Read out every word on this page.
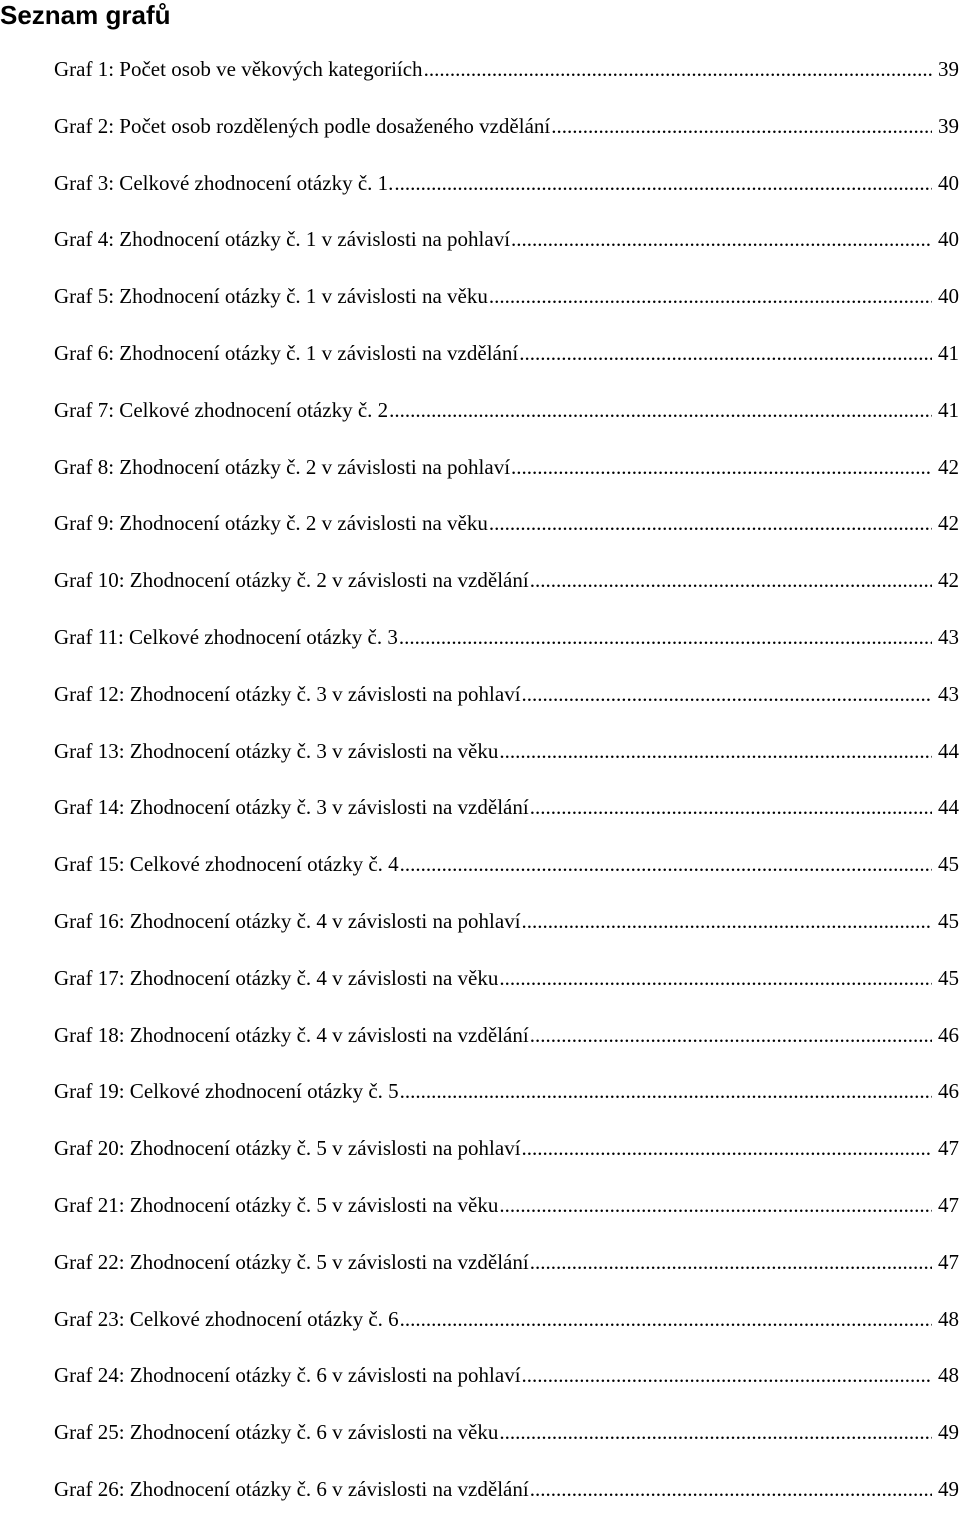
Seznam grafů
Graf 1: Počet osob ve věkových kategoriích .....	39
Graf 2: Počet osob rozdělených podle dosaženého vzdělání .....	39
Graf 3: Celkové zhodnocení otázky č. 1. .....	40
Graf 4: Zhodnocení otázky č. 1 v závislosti na pohlaví .....	40
Graf 5: Zhodnocení otázky č. 1 v závislosti na věku .....	40
Graf 6: Zhodnocení otázky č. 1 v závislosti na vzdělání .....	41
Graf 7: Celkové zhodnocení otázky č. 2 .....	41
Graf 8: Zhodnocení otázky č. 2 v závislosti na pohlaví .....	42
Graf 9: Zhodnocení otázky č. 2 v závislosti na věku .....	42
Graf 10: Zhodnocení otázky č. 2 v závislosti na vzdělání .....	42
Graf 11: Celkové zhodnocení otázky č. 3 .....	43
Graf 12: Zhodnocení otázky č. 3 v závislosti na pohlaví .....	43
Graf 13: Zhodnocení otázky č. 3 v závislosti na věku .....	44
Graf 14: Zhodnocení otázky č. 3 v závislosti na vzdělání .....	44
Graf 15: Celkové zhodnocení otázky č. 4 .....	45
Graf 16: Zhodnocení otázky č. 4 v závislosti na pohlaví .....	45
Graf 17: Zhodnocení otázky č. 4 v závislosti na věku .....	45
Graf 18: Zhodnocení otázky č. 4 v závislosti na vzdělání .....	46
Graf 19: Celkové zhodnocení otázky č. 5 .....	46
Graf 20: Zhodnocení otázky č. 5 v závislosti na pohlaví .....	47
Graf 21: Zhodnocení otázky č. 5 v závislosti na věku .....	47
Graf 22: Zhodnocení otázky č. 5 v závislosti na vzdělání .....	47
Graf 23: Celkové zhodnocení otázky č. 6 .....	48
Graf 24: Zhodnocení otázky č. 6 v závislosti na pohlaví .....	48
Graf 25: Zhodnocení otázky č. 6 v závislosti na věku .....	49
Graf 26: Zhodnocení otázky č. 6 v závislosti na vzdělání .....	49
